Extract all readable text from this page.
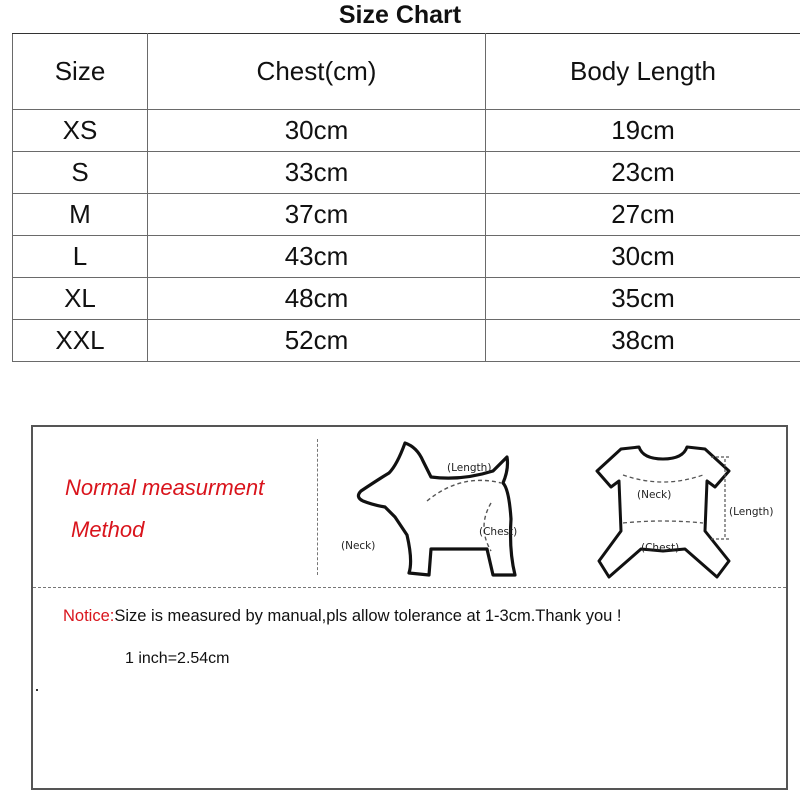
Size Chart
Size	Chest(cm)	Body Length
XS	30cm	19cm
S	33cm	23cm
M	37cm	27cm
L	43cm	30cm
XL	48cm	35cm
XXL	52cm	38cm
Normal measurment
Method
(Length)
(Neck)
(Chest)
(Neck)
(Length)
(Chest)
Notice:Size is measured by manual,pls allow tolerance at 1-3cm.Thank you !
1 inch=2.54cm
